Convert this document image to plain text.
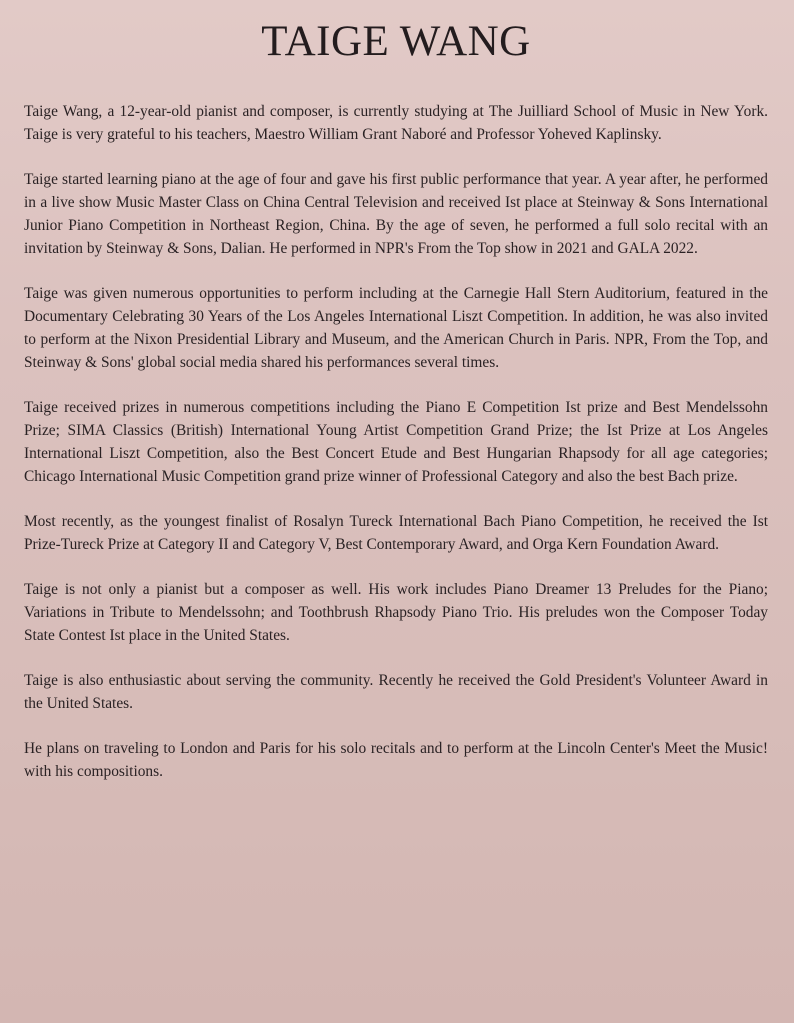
TAIGE WANG

Taige Wang, a 12-year-old pianist and composer, is currently studying at The Juilliard School of Music in New York. Taige is very grateful to his teachers, Maestro William Grant Naboré and Professor Yoheved Kaplinsky.

Taige started learning piano at the age of four and gave his first public performance that year. A year after, he performed in a live show Music Master Class on China Central Television and received Ist place at Steinway & Sons International Junior Piano Competition in Northeast Region, China. By the age of seven, he performed a full solo recital with an invitation by Steinway & Sons, Dalian. He performed in NPR's From the Top show in 2021 and GALA 2022.

Taige was given numerous opportunities to perform including at the Carnegie Hall Stern Auditorium, featured in the Documentary Celebrating 30 Years of the Los Angeles International Liszt Competition. In addition, he was also invited to perform at the Nixon Presidential Library and Museum, and the American Church in Paris. NPR, From the Top, and Steinway & Sons' global social media shared his performances several times.

Taige received prizes in numerous competitions including the Piano E Competition Ist prize and Best Mendelssohn Prize; SIMA Classics (British) International Young Artist Competition Grand Prize; the Ist Prize at Los Angeles International Liszt Competition, also the Best Concert Etude and Best Hungarian Rhapsody for all age categories; Chicago International Music Competition grand prize winner of Professional Category and also the best Bach prize.

Most recently, as the youngest finalist of Rosalyn Tureck International Bach Piano Competition, he received the Ist Prize-Tureck Prize at Category II and Category V, Best Contemporary Award, and Orga Kern Foundation Award.

Taige is not only a pianist but a composer as well. His work includes Piano Dreamer 13 Preludes for the Piano; Variations in Tribute to Mendelssohn; and Toothbrush Rhapsody Piano Trio. His preludes won the Composer Today State Contest Ist place in the United States.

Taige is also enthusiastic about serving the community. Recently he received the Gold President's Volunteer Award in the United States.

He plans on traveling to London and Paris for his solo recitals and to perform at the Lincoln Center's Meet the Music! with his compositions.
